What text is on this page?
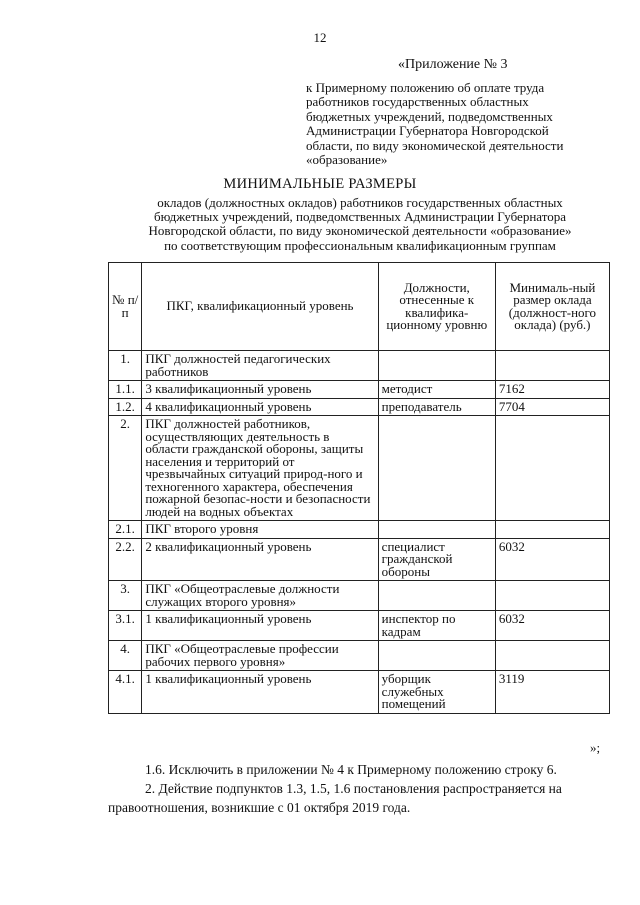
12
«Приложение № 3
к Примерному положению об оплате труда
работников государственных областных
бюджетных учреждений, подведомственных
Администрации Губернатора Новгородской
области, по виду экономической деятельности
«образование»
МИНИМАЛЬНЫЕ РАЗМЕРЫ
окладов (должностных окладов) работников государственных областных
бюджетных учреждений, подведомственных Администрации Губернатора
Новгородской области, по виду экономической деятельности «образование»
по соответствующим профессиональным квалификационным группам
№ п/п	ПКГ, квалификационный уровень	Должности, отнесенные к квалифика-ционному уровню	Минималь-ный размер оклада (должност-ного оклада) (руб.)
1.	ПКГ должностей педагогических работников		
1.1.	3 квалификационный уровень	методист	7162
1.2.	4 квалификационный уровень	преподаватель	7704
2.	ПКГ должностей работников, осуществляющих деятельность в области гражданской обороны, защиты населения и территорий от чрезвычайных ситуаций природ-ного и техногенного характера, обеспечения пожарной безопас-ности и безопасности людей на водных объектах		
2.1.	ПКГ второго уровня		
2.2.	2 квалификационный уровень	специалист гражданской обороны	6032
3.	ПКГ «Общеотраслевые должности служащих второго уровня»		
3.1.	1 квалификационный уровень	инспектор по кадрам	6032
4.	ПКГ «Общеотраслевые профессии рабочих первого уровня»		
4.1.	1 квалификационный уровень	уборщик служебных помещений	3119
»;
1.6. Исключить в приложении № 4 к Примерному положению строку 6.
2. Действие подпунктов 1.3, 1.5, 1.6 постановления распространяется на
правоотношения, возникшие с 01 октября 2019 года.
